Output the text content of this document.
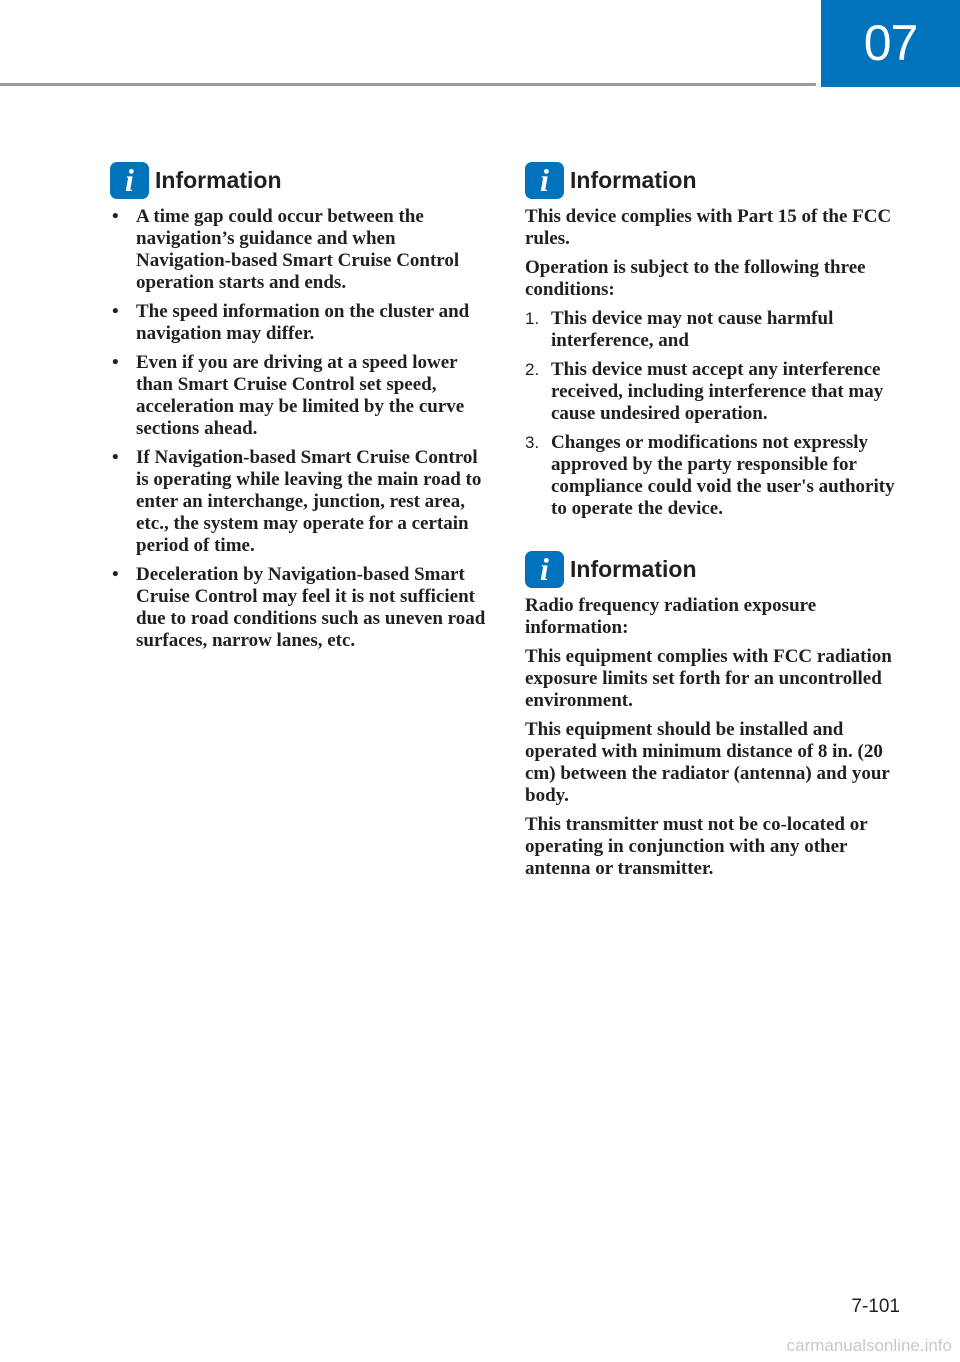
07
i Information
• A time gap could occur between the navigation’s guidance and when Navigation-based Smart Cruise Control operation starts and ends.
• The speed information on the cluster and navigation may differ.
• Even if you are driving at a speed lower than Smart Cruise Control set speed, acceleration may be limited by the curve sections ahead.
• If Navigation-based Smart Cruise Control is operating while leaving the main road to enter an interchange, junction, rest area, etc., the system may operate for a certain period of time.
• Deceleration by Navigation-based Smart Cruise Control may feel it is not sufficient due to road conditions such as uneven road surfaces, narrow lanes, etc.
i Information

This device complies with Part 15 of the FCC rules.

Operation is subject to the following three conditions:

1. This device may not cause harmful interference, and
2. This device must accept any interference received, including interference that may cause undesired operation.
3. Changes or modifications not expressly approved by the party responsible for compliance could void the user's authority to operate the device.
i Information

Radio frequency radiation exposure information:

This equipment complies with FCC radiation exposure limits set forth for an uncontrolled environment.

This equipment should be installed and operated with minimum distance of 8 in. (20 cm) between the radiator (antenna) and your body.

This transmitter must not be co-located or operating in conjunction with any other antenna or transmitter.

7-101
carmanualsonline.info
